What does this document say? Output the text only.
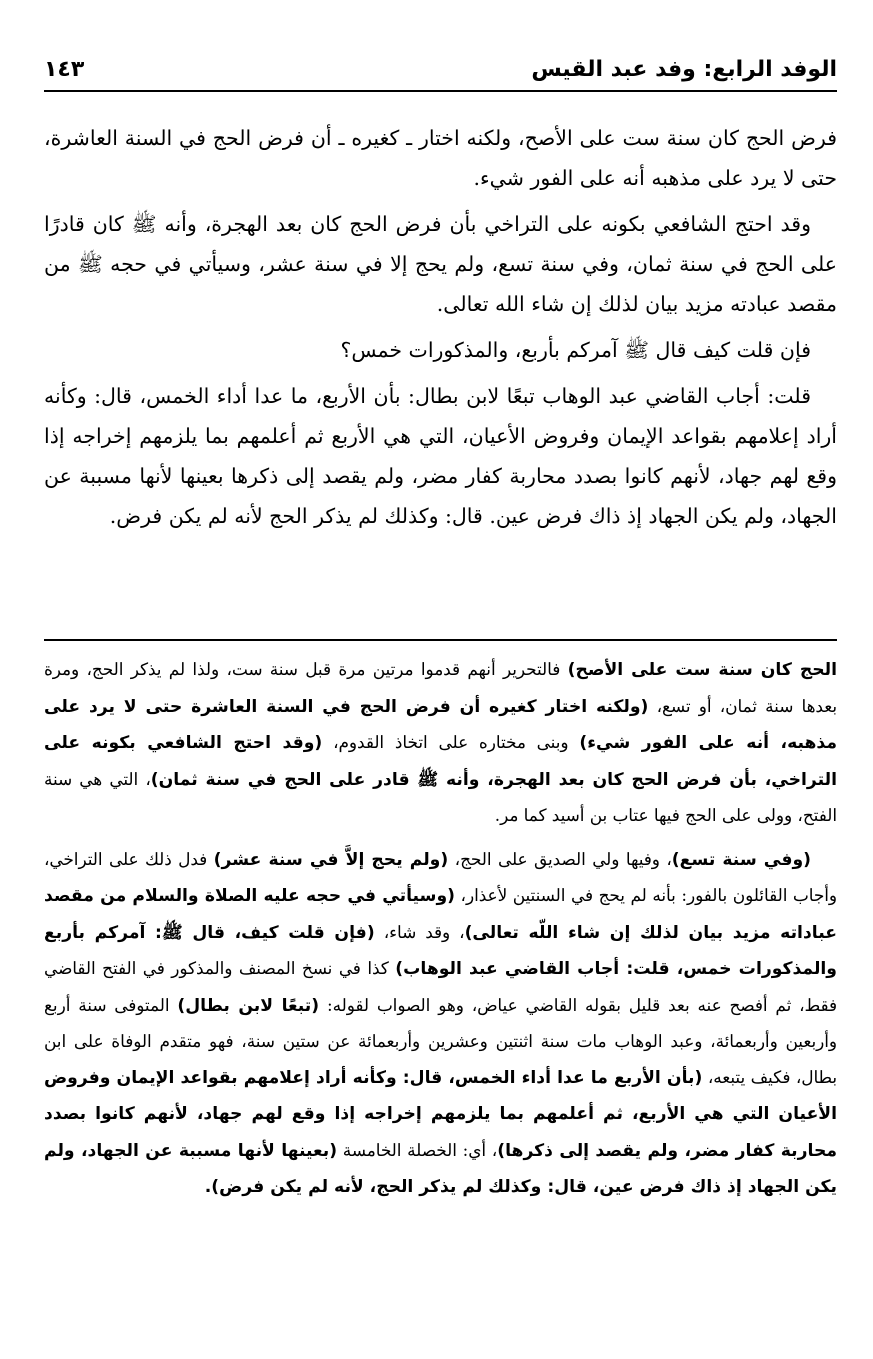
الوفد الرابع: وفد عبد القيس
١٤٣

فرض الحج كان سنة ست على الأصح، ولكنه اختار ـ كغيره ـ أن فرض الحج في السنة العاشرة، حتى لا يرد على مذهبه أنه على الفور شيء.

وقد احتج الشافعي بكونه على التراخي بأن فرض الحج كان بعد الهجرة، وأنه ﷺ كان قادرًا على الحج في سنة ثمان، وفي سنة تسع، ولم يحج إلا في سنة عشر، وسيأتي في حجه ﷺ من مقصد عبادته مزيد بيان لذلك إن شاء الله تعالى.

فإن قلت كيف قال ﷺ آمركم بأربع، والمذكورات خمس؟

قلت: أجاب القاضي عبد الوهاب تبعًا لابن بطال: بأن الأربع، ما عدا أداء الخمس، قال: وكأنه أراد إعلامهم بقواعد الإيمان وفروض الأعيان، التي هي الأربع ثم أعلمهم بما يلزمهم إخراجه إذا وقع لهم جهاد، لأنهم كانوا بصدد محاربة كفار مضر، ولم يقصد إلى ذكرها بعينها لأنها مسببة عن الجهاد، ولم يكن الجهاد إذ ذاك فرض عين. قال: وكذلك لم يذكر الحج لأنه لم يكن فرض.

الحج كان سنة ست على الأصح) فالتحرير أنهم قدموا مرتين مرة قبل سنة ست، ولذا لم يذكر الحج، ومرة بعدها سنة ثمان، أو تسع، (ولكنه اختار كغيره أن فرض الحج في السنة العاشرة حتى لا يرد على مذهبه، أنه على الفور شيء) وبنى مختاره على اتخاذ القدوم، (وقد احتج الشافعي بكونه على التراخي، بأن فرض الحج كان بعد الهجرة، وأنه ﷺ قادر على الحج في سنة ثمان)، التي هي سنة الفتح، وولى على الحج فيها عتاب بن أسيد كما مر.

(وفي سنة تسع)، وفيها ولي الصديق على الحج، (ولم يحج إلاَّ في سنة عشر) فدل ذلك على التراخي، وأجاب القائلون بالفور: بأنه لم يحج في السنتين لأعذار، (وسيأتي في حجه عليه الصلاة والسلام من مقصد عباداته مزيد بيان لذلك إن شاء اللّه تعالى)، وقد شاء، (فإن قلت كيف، قال ﷺ: آمركم بأربع والمذكورات خمس، قلت: أجاب القاضي عبد الوهاب) كذا في نسخ المصنف والمذكور في الفتح القاضي فقط، ثم أفصح عنه بعد قليل بقوله القاضي عياض، وهو الصواب لقوله: (تبعًا لابن بطال) المتوفى سنة أربع وأربعين وأربعمائة، وعبد الوهاب مات سنة اثنتين وعشرين وأربعمائة عن ستين سنة، فهو متقدم الوفاة على ابن بطال، فكيف يتبعه، (بأن الأربع ما عدا أداء الخمس، قال: وكأنه أراد إعلامهم بقواعد الإيمان وفروض الأعيان التي هي الأربع، ثم أعلمهم بما يلزمهم إخراجه إذا وقع لهم جهاد، لأنهم كانوا بصدد محاربة كفار مضر، ولم يقصد إلى ذكرها)، أي: الخصلة الخامسة (بعينها لأنها مسببة عن الجهاد، ولم يكن الجهاد إذ ذاك فرض عين، قال: وكذلك لم يذكر الحج، لأنه لم يكن فرض).
